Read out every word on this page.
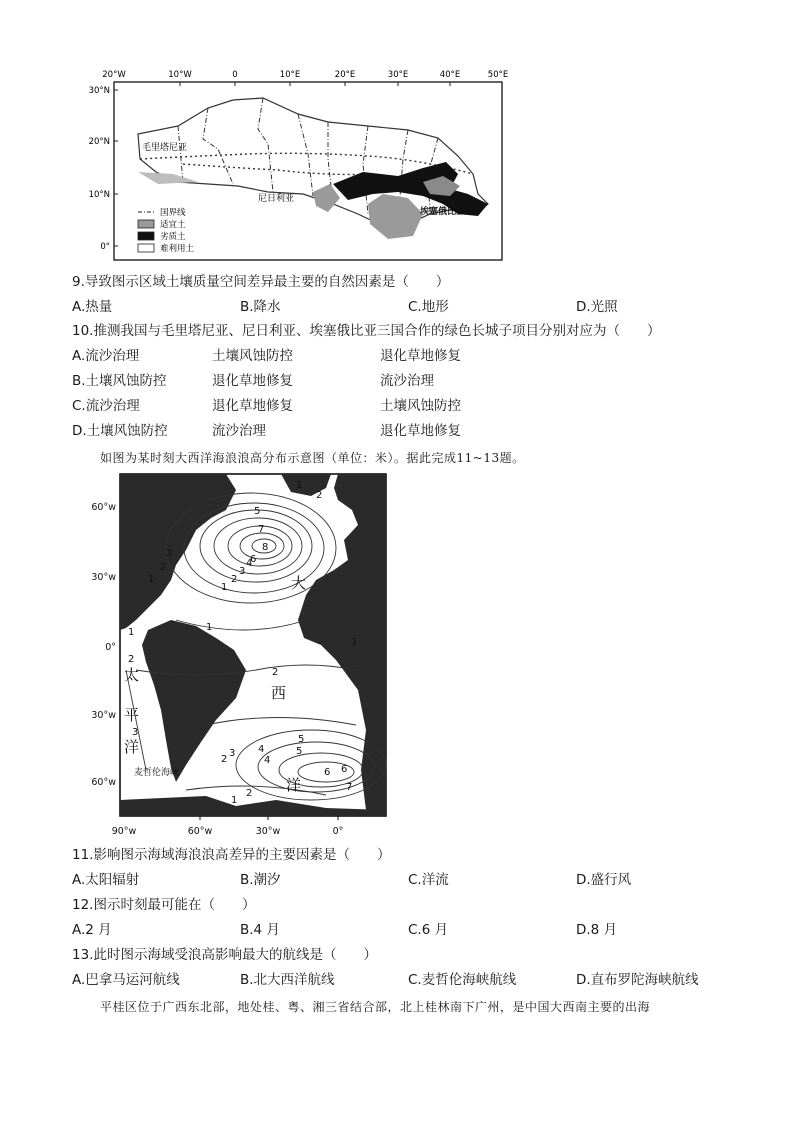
20°W	10°W	0	10°E	20°E	30°E	40°E	50°E
30°N
20°N
10°N
0°
毛里塔尼亚
尼日利亚
埃塞俄比亚
国界线
适宜土
劣质土
难利用土
9.导致图示区域土壤质量空间差异最主要的自然因素是（　　）
A.热量	B.降水	C.地形	D.光照
10.推测我国与毛里塔尼亚、尼日利亚、埃塞俄比亚三国合作的绿色长城子项目分别对应为（　　）
A.流沙治理	土壤风蚀防控	退化草地修复
B.土壤风蚀防控	退化草地修复	流沙治理
C.流沙治理	退化草地修复	土壤风蚀防控
D.土壤风蚀防控	流沙治理	退化草地修复
如图为某时刻大西洋海浪浪高分布示意图（单位：米）。据此完成11~13题。
1
2
3
4
5
6
7
8
2
1
1
2
3
1
2
3
4	5
6
7
2
3
4
5
6
1
2
1
1
2
大
西
洋
太
平
洋
麦哲伦海峡
60°w
30°w
0°
30°w
60°w
90°w	60°w	30°w	0°
11.影响图示海域海浪浪高差异的主要因素是（　　）
A.太阳辐射	B.潮汐	C.洋流	D.盛行风
12.图示时刻最可能在（　　）
A.2 月	B.4 月	C.6 月	D.8 月
13.此时图示海域受浪高影响最大的航线是（　　）
A.巴拿马运河航线	B.北大西洋航线	C.麦哲伦海峡航线	D.直布罗陀海峡航线
平桂区位于广西东北部，地处桂、粤、湘三省结合部，北上桂林南下广州，是中国大西南主要的出海
